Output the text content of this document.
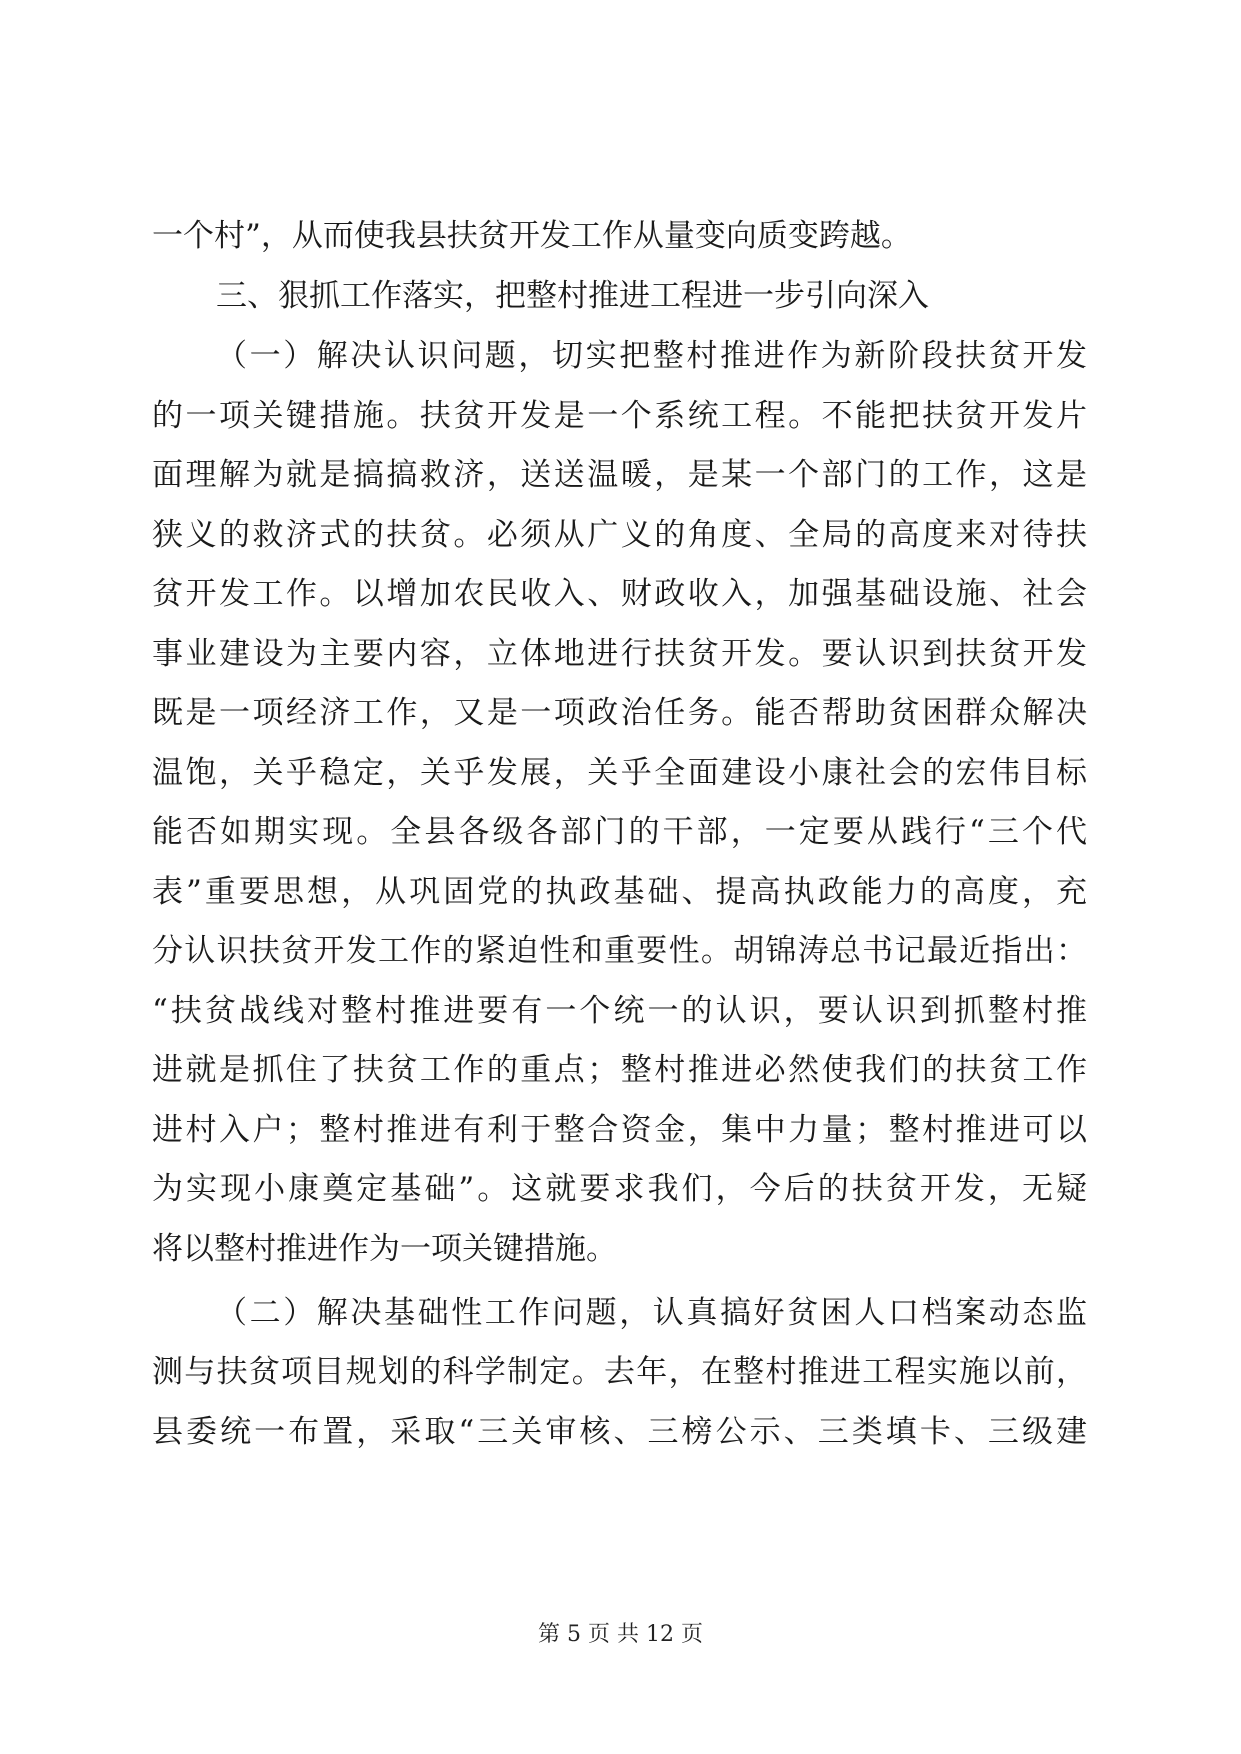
一个村”，从而使我县扶贫开发工作从量变向质变跨越。
三、狠抓工作落实，把整村推进工程进一步引向深入
（一）解决认识问题，切实把整村推进作为新阶段扶贫开发
的一项关键措施。扶贫开发是一个系统工程。不能把扶贫开发片
面理解为就是搞搞救济，送送温暖，是某一个部门的工作，这是
狭义的救济式的扶贫。必须从广义的角度、全局的高度来对待扶
贫开发工作。以增加农民收入、财政收入，加强基础设施、社会
事业建设为主要内容，立体地进行扶贫开发。要认识到扶贫开发
既是一项经济工作，又是一项政治任务。能否帮助贫困群众解决
温饱，关乎稳定，关乎发展，关乎全面建设小康社会的宏伟目标
能否如期实现。全县各级各部门的干部，一定要从践行“三个代
表”重要思想，从巩固党的执政基础、提高执政能力的高度，充
分认识扶贫开发工作的紧迫性和重要性。胡锦涛总书记最近指出：
“扶贫战线对整村推进要有一个统一的认识，要认识到抓整村推
进就是抓住了扶贫工作的重点；整村推进必然使我们的扶贫工作
进村入户；整村推进有利于整合资金，集中力量；整村推进可以
为实现小康奠定基础”。这就要求我们，今后的扶贫开发，无疑
将以整村推进作为一项关键措施。
（二）解决基础性工作问题，认真搞好贫困人口档案动态监
测与扶贫项目规划的科学制定。去年，在整村推进工程实施以前，
县委统一布置，采取“三关审核、三榜公示、三类填卡、三级建
第 5 页 共 12 页
